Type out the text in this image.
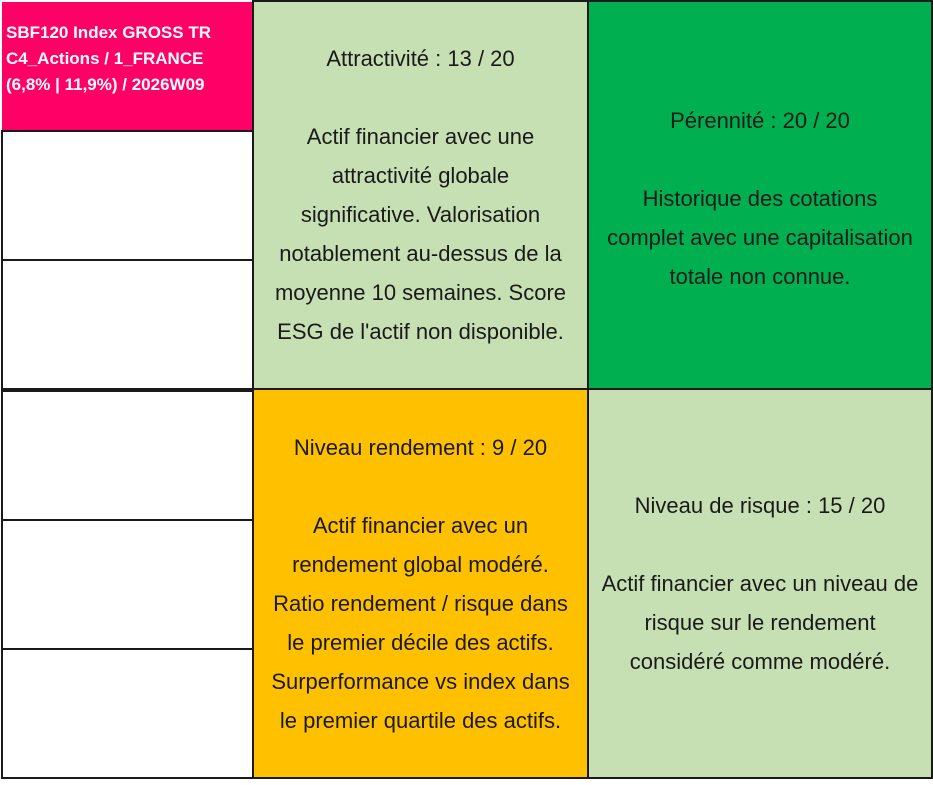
SBF120 Index GROSS TR
C4_Actions / 1_FRANCE
(6,8% | 11,9%) / 2026W09
Attractivité : 13 / 20
Actif financier avec une
attractivité globale
significative. Valorisation
notablement au-dessus de la
moyenne 10 semaines. Score
ESG de l'actif non disponible.
Pérennité : 20 / 20
Historique des cotations
complet avec une capitalisation
totale non connue.
Niveau rendement : 9 / 20
Actif financier avec un
rendement global modéré.
Ratio rendement / risque dans
le premier décile des actifs.
Surperformance vs index dans
le premier quartile des actifs.
Niveau de risque : 15 / 20
Actif financier avec un niveau de
risque sur le rendement
considéré comme modéré.
